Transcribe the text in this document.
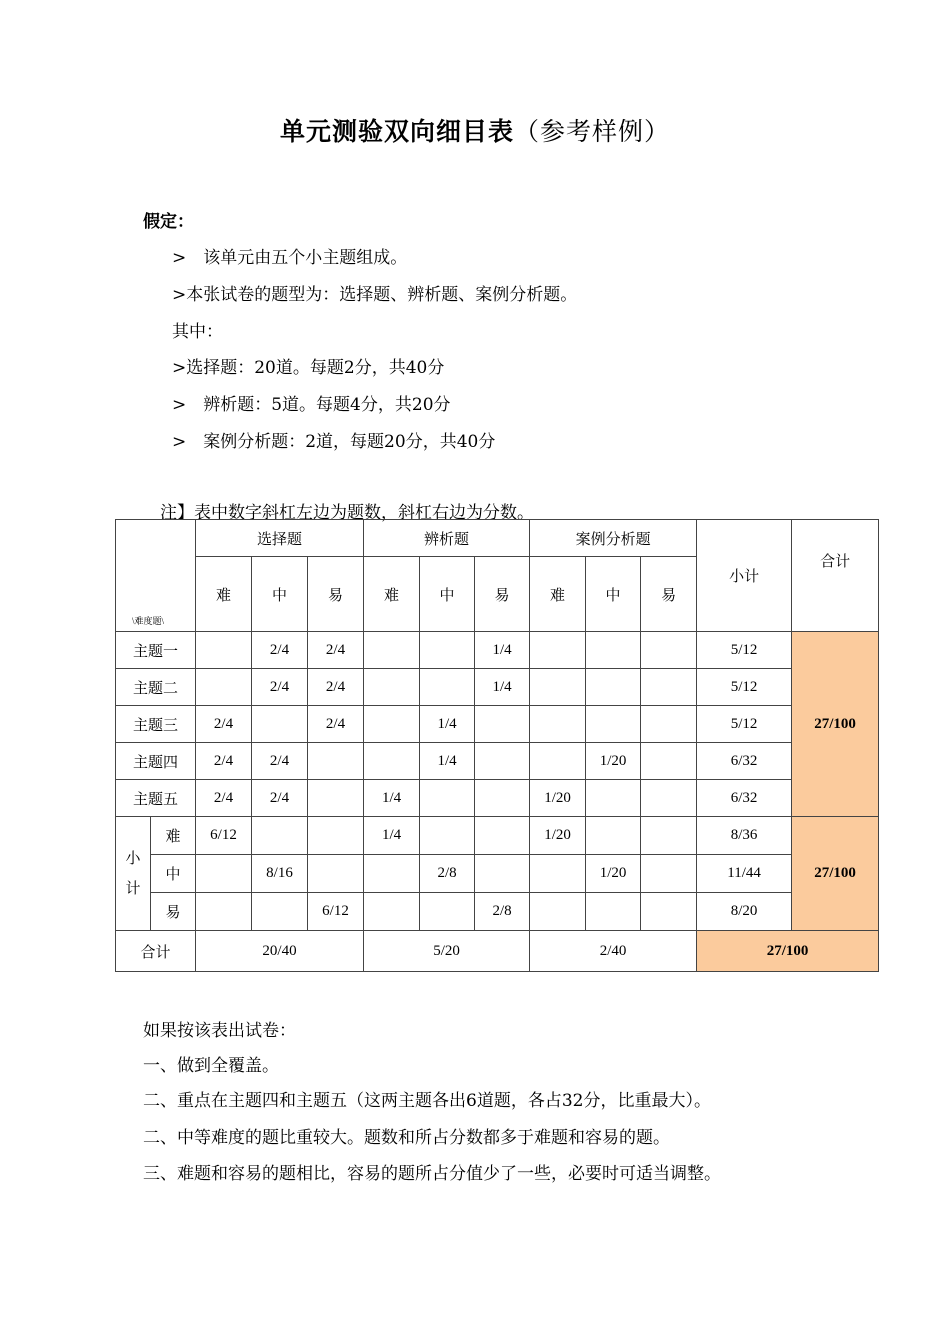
单元测验双向细目表（参考样例）
假定：
>　该单元由五个小主题组成。
>本张试卷的题型为：选择题、辨析题、案例分析题。
其中：
>选择题：20道。每题2分，共40分
>　辨析题：5道。每题4分，共20分
>　案例分析题：2道，每题20分，共40分
注】表中数字斜杠左边为题数，斜杠右边为分数。
\难度题\		选择题			辨析题			案例分析题			小计	合计
		难	中	易	难	中	易	难	中	易		
主题一			2/4	2/4			1/4				5/12	27/100
主题二			2/4	2/4			1/4				5/12	
主题三		2/4		2/4		1/4					5/12	
主题四		2/4	2/4			1/4			1/20		6/32	
主题五		2/4	2/4		1/4			1/20			6/32	

小
计	难	6/12			1/4			1/20			8/36	27/100
	中		8/16			2/8			1/20		11/44	
	易			6/12			2/8				8/20	
合计		20/40			5/20			2/40			27/100	
如果按该表出试卷：
一、做到全覆盖。
二、重点在主题四和主题五（这两主题各出6道题，各占32分，比重最大）。
二、中等难度的题比重较大。题数和所占分数都多于难题和容易的题。
三、难题和容易的题相比，容易的题所占分值少了一些，必要时可适当调整。
